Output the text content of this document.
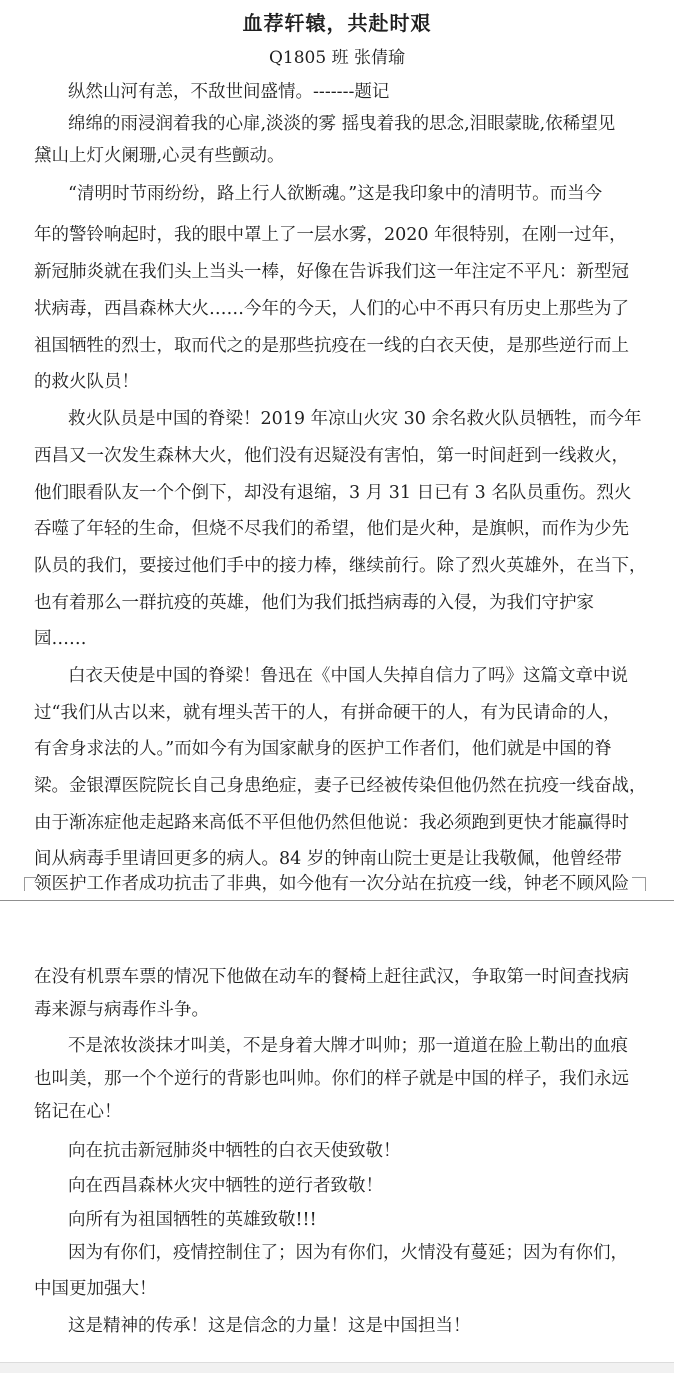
血荐轩辕，共赴时艰
Q1805 班 张倩瑜
纵然山河有恙，不敌世间盛情。-------题记
绵绵的雨浸润着我的心扉,淡淡的雾 摇曳着我的思念,泪眼蒙眬,依稀望见
黛山上灯火阑珊,心灵有些颤动。
“清明时节雨纷纷，路上行人欲断魂。”这是我印象中的清明节。而当今
年的警铃响起时，我的眼中罩上了一层水雾，2020 年很特别，在刚一过年，
新冠肺炎就在我们头上当头一棒，好像在告诉我们这一年注定不平凡：新型冠
状病毒，西昌森林大火……今年的今天，人们的心中不再只有历史上那些为了
祖国牺牲的烈士，取而代之的是那些抗疫在一线的白衣天使，是那些逆行而上
的救火队员！
救火队员是中国的脊梁！2019 年凉山火灾 30 余名救火队员牺牲，而今年
西昌又一次发生森林大火，他们没有迟疑没有害怕，第一时间赶到一线救火，
他们眼看队友一个个倒下，却没有退缩，3 月 31 日已有 3 名队员重伤。烈火
吞噬了年轻的生命，但烧不尽我们的希望，他们是火种，是旗帜，而作为少先
队员的我们，要接过他们手中的接力棒，继续前行。除了烈火英雄外，在当下，
也有着那么一群抗疫的英雄，他们为我们抵挡病毒的入侵，为我们守护家
园……
白衣天使是中国的脊梁！鲁迅在《中国人失掉自信力了吗》这篇文章中说
过“我们从古以来，就有埋头苦干的人，有拼命硬干的人，有为民请命的人，
有舍身求法的人。”而如今有为国家献身的医护工作者们，他们就是中国的脊
梁。金银潭医院院长自己身患绝症，妻子已经被传染但他仍然在抗疫一线奋战，
由于渐冻症他走起路来高低不平但他仍然但他说：我必须跑到更快才能赢得时
间从病毒手里请回更多的病人。84 岁的钟南山院士更是让我敬佩，他曾经带
领医护工作者成功抗击了非典，如今他有一次分站在抗疫一线，钟老不顾风险
在没有机票车票的情况下他做在动车的餐椅上赶往武汉，争取第一时间查找病
毒来源与病毒作斗争。
不是浓妆淡抹才叫美，不是身着大牌才叫帅；那一道道在脸上勒出的血痕
也叫美，那一个个逆行的背影也叫帅。你们的样子就是中国的样子，我们永远
铭记在心！
向在抗击新冠肺炎中牺牲的白衣天使致敬！
向在西昌森林火灾中牺牲的逆行者致敬！
向所有为祖国牺牲的英雄致敬!!!
因为有你们，疫情控制住了；因为有你们，火情没有蔓延；因为有你们，
中国更加强大！
这是精神的传承！这是信念的力量！这是中国担当！
